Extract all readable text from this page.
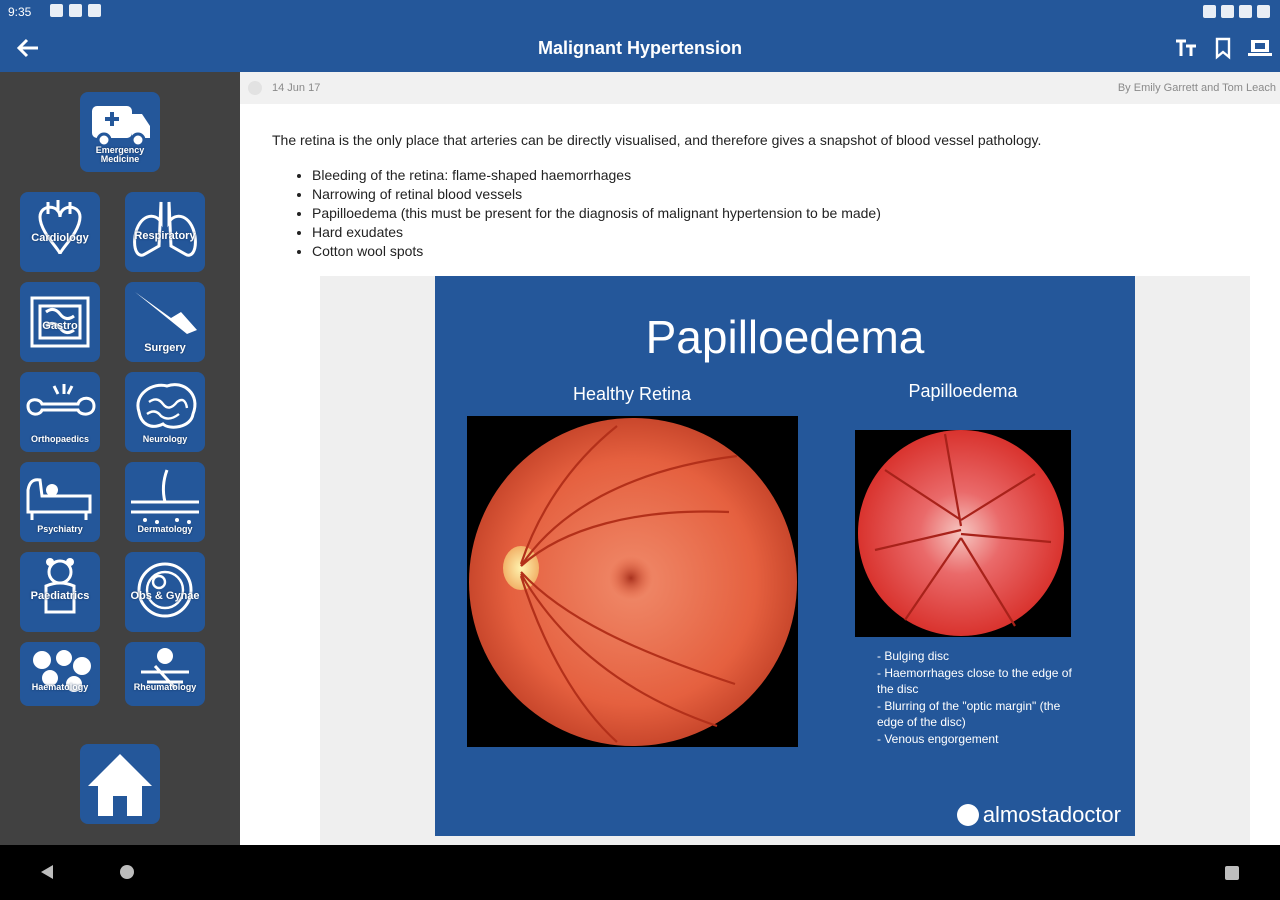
9:35
Malignant Hypertension
Emergency Medicine
Cardiology	Respiratory
Gastro
Surgery
Orthopaedics	Neurology
Psychiatry	Dermatology
Paediatrics	Obs & Gynae
Haematology	Rheumatology
14 Jun 17	By Emily Garrett and Tom Leach

The retina is the only place that arteries can be directly visualised, and therefore gives a snapshot of blood vessel pathology.

• Bleeding of the retina: flame-shaped haemorrhages
• Narrowing of retinal blood vessels
• Papilloedema (this must be present for the diagnosis of malignant hypertension to be made)
• Hard exudates
• Cotton wool spots
Papilloedema
Healthy Retina	Papilloedema
- Bulging disc
- Haemorrhages close to the edge of the disc
- Blurring of the "optic margin" (the edge of the disc)
- Venous engorgement
almostadoctor
